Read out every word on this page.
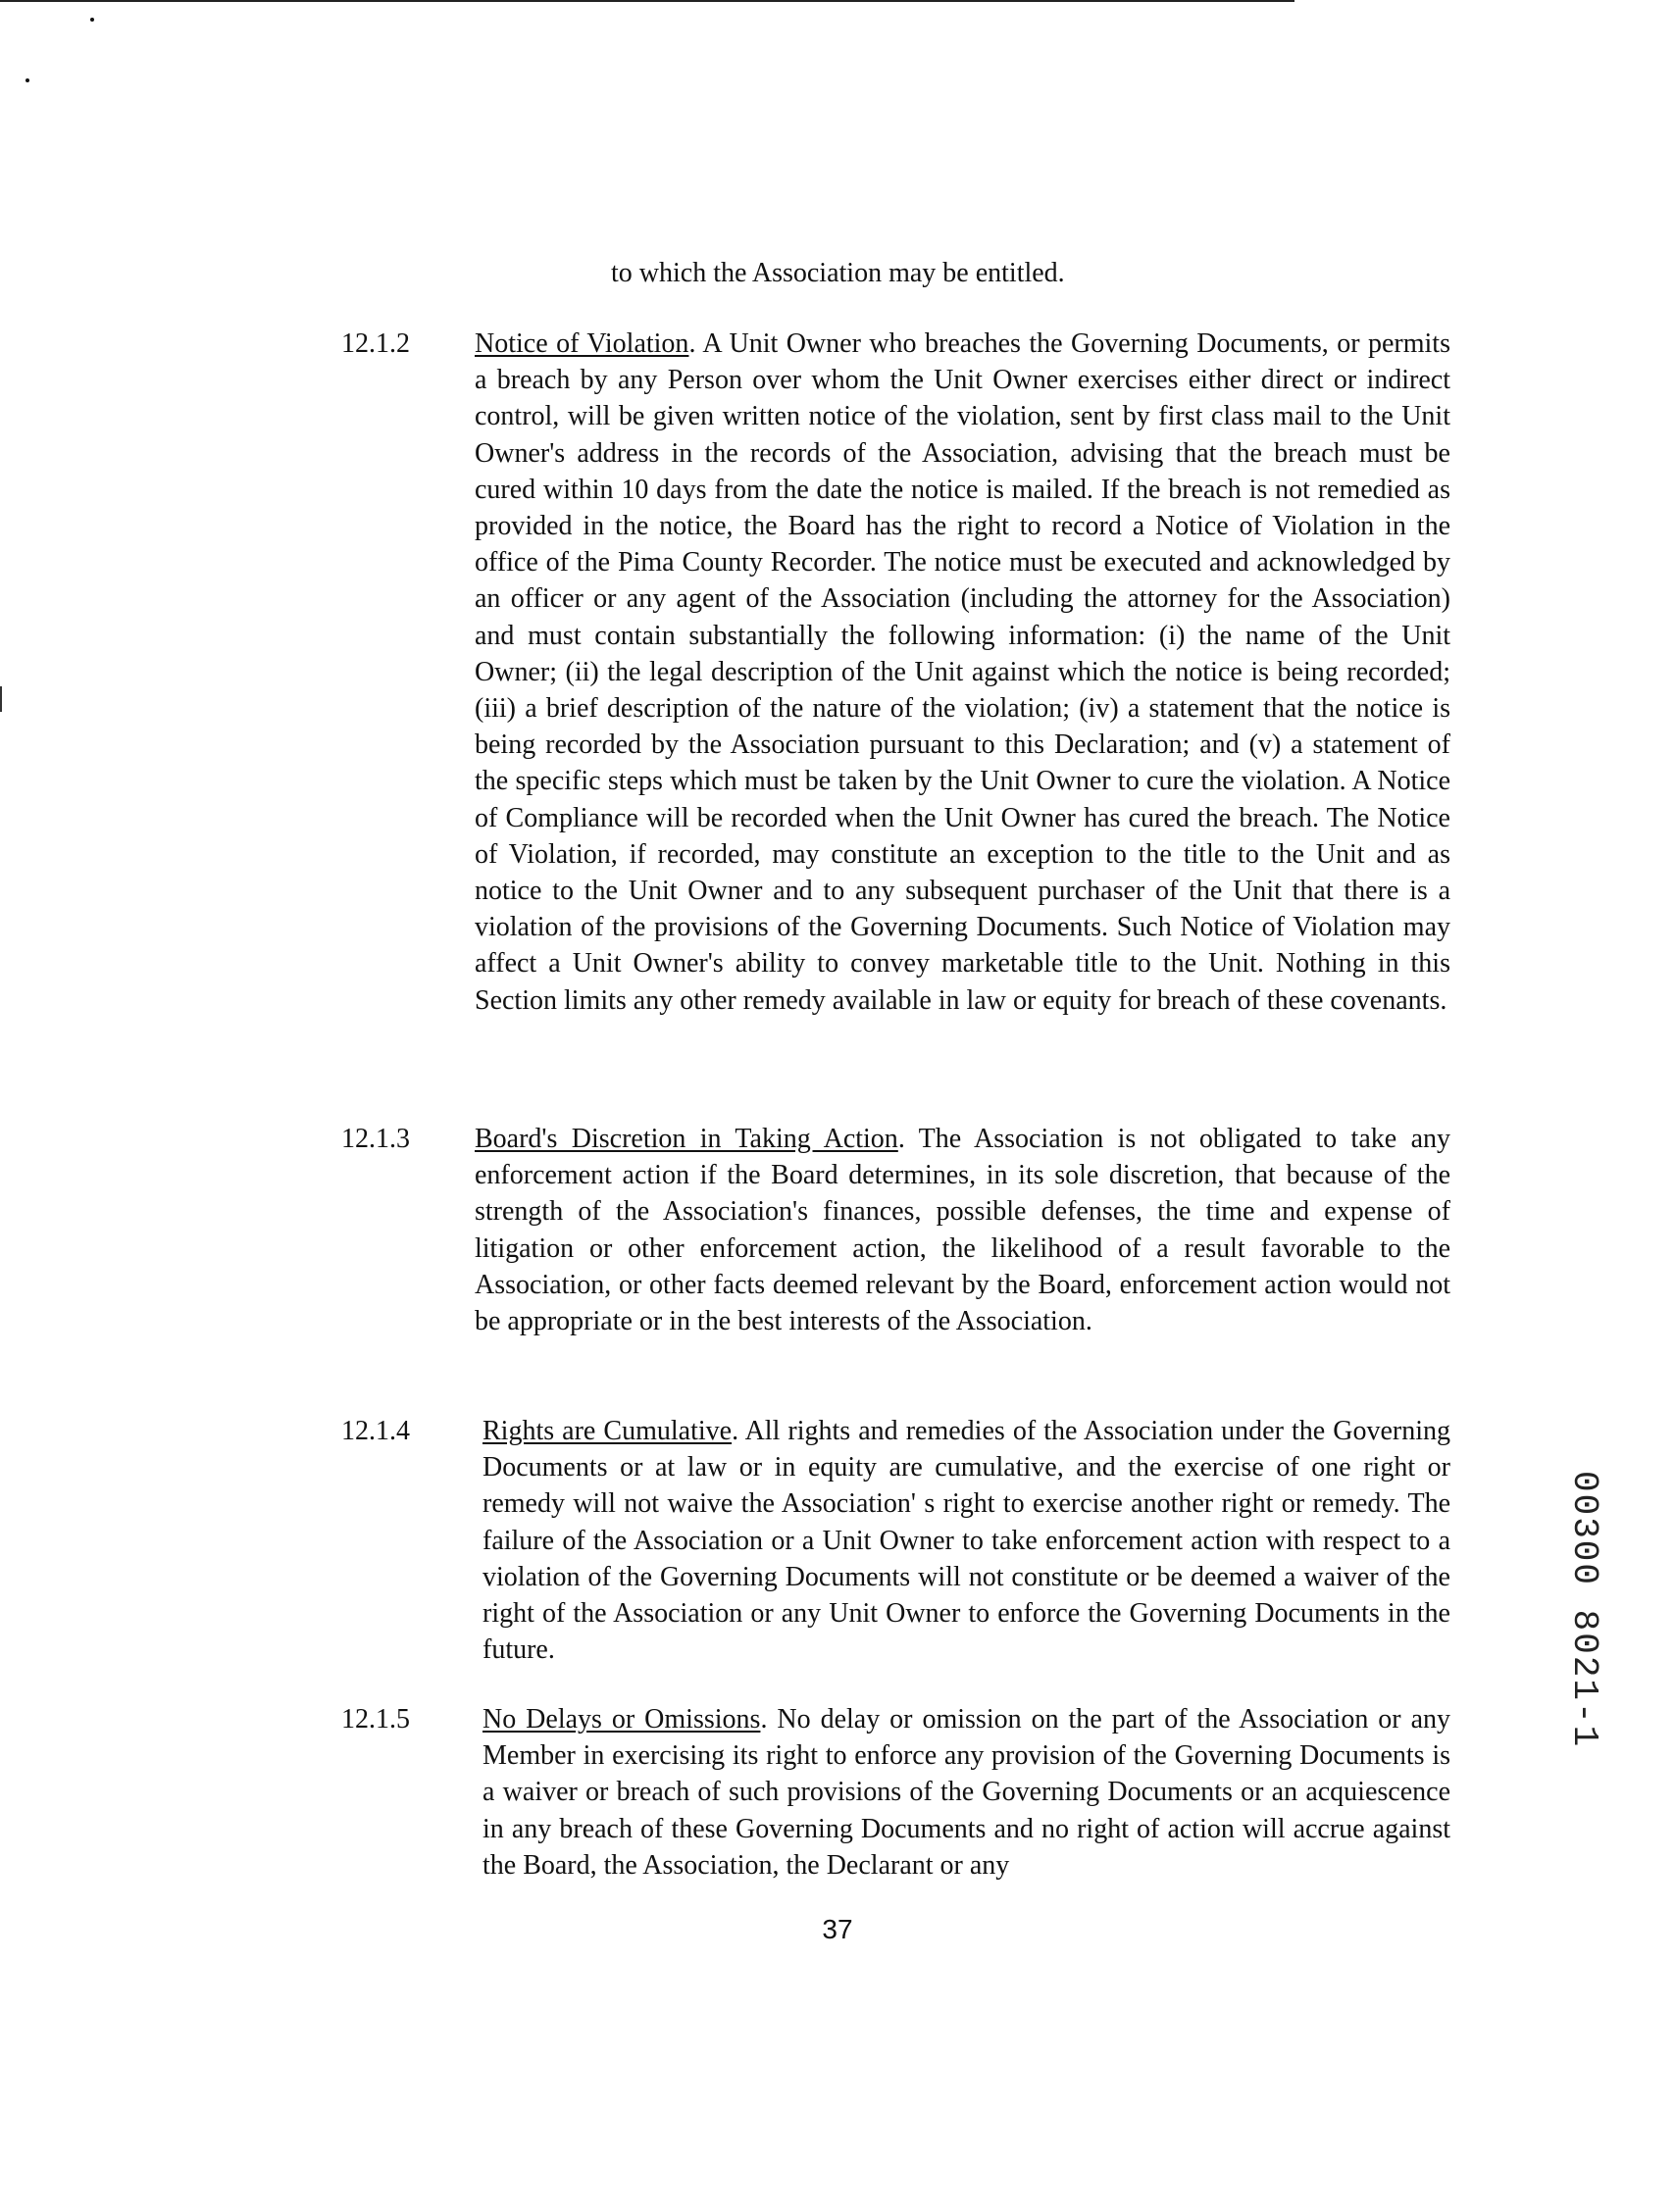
to which the Association may be entitled.
12.1.2 Notice of Violation. A Unit Owner who breaches the Governing Documents, or permits a breach by any Person over whom the Unit Owner exercises either direct or indirect control, will be given written notice of the violation, sent by first class mail to the Unit Owner's address in the records of the Association, advising that the breach must be cured within 10 days from the date the notice is mailed. If the breach is not remedied as provided in the notice, the Board has the right to record a Notice of Violation in the office of the Pima County Recorder. The notice must be executed and acknowledged by an officer or any agent of the Association (including the attorney for the Association) and must contain substantially the following information: (i) the name of the Unit Owner; (ii) the legal description of the Unit against which the notice is being recorded; (iii) a brief description of the nature of the violation; (iv) a statement that the notice is being recorded by the Association pursuant to this Declaration; and (v) a statement of the specific steps which must be taken by the Unit Owner to cure the violation. A Notice of Compliance will be recorded when the Unit Owner has cured the breach. The Notice of Violation, if recorded, may constitute an exception to the title to the Unit and as notice to the Unit Owner and to any subsequent purchaser of the Unit that there is a violation of the provisions of the Governing Documents. Such Notice of Violation may affect a Unit Owner's ability to convey marketable title to the Unit. Nothing in this Section limits any other remedy available in law or equity for breach of these covenants.
12.1.3 Board's Discretion in Taking Action. The Association is not obligated to take any enforcement action if the Board determines, in its sole discretion, that because of the strength of the Association's finances, possible defenses, the time and expense of litigation or other enforcement action, the likelihood of a result favorable to the Association, or other facts deemed relevant by the Board, enforcement action would not be appropriate or in the best interests of the Association.
12.1.4	Rights are Cumulative. All rights and remedies of the Association under the Governing Documents or at law or in equity are cumulative, and the exercise of one right or remedy will not waive the Association' s right to exercise another right or remedy. The failure of the Association or a Unit Owner to take enforcement action with respect to a violation of the Governing Documents will not constitute or be deemed a waiver of the right of the Association or any Unit Owner to enforce the Governing Documents in the future.
12.1.5	No Delays or Omissions. No delay or omission on the part of the Association or any Member in exercising its right to enforce any provision of the Governing Documents is a waiver or breach of such provisions of the Governing Documents or an acquiescence in any breach of these Governing Documents and no right of action will accrue against the Board, the Association, the Declarant or any
37
00300 8021-1
